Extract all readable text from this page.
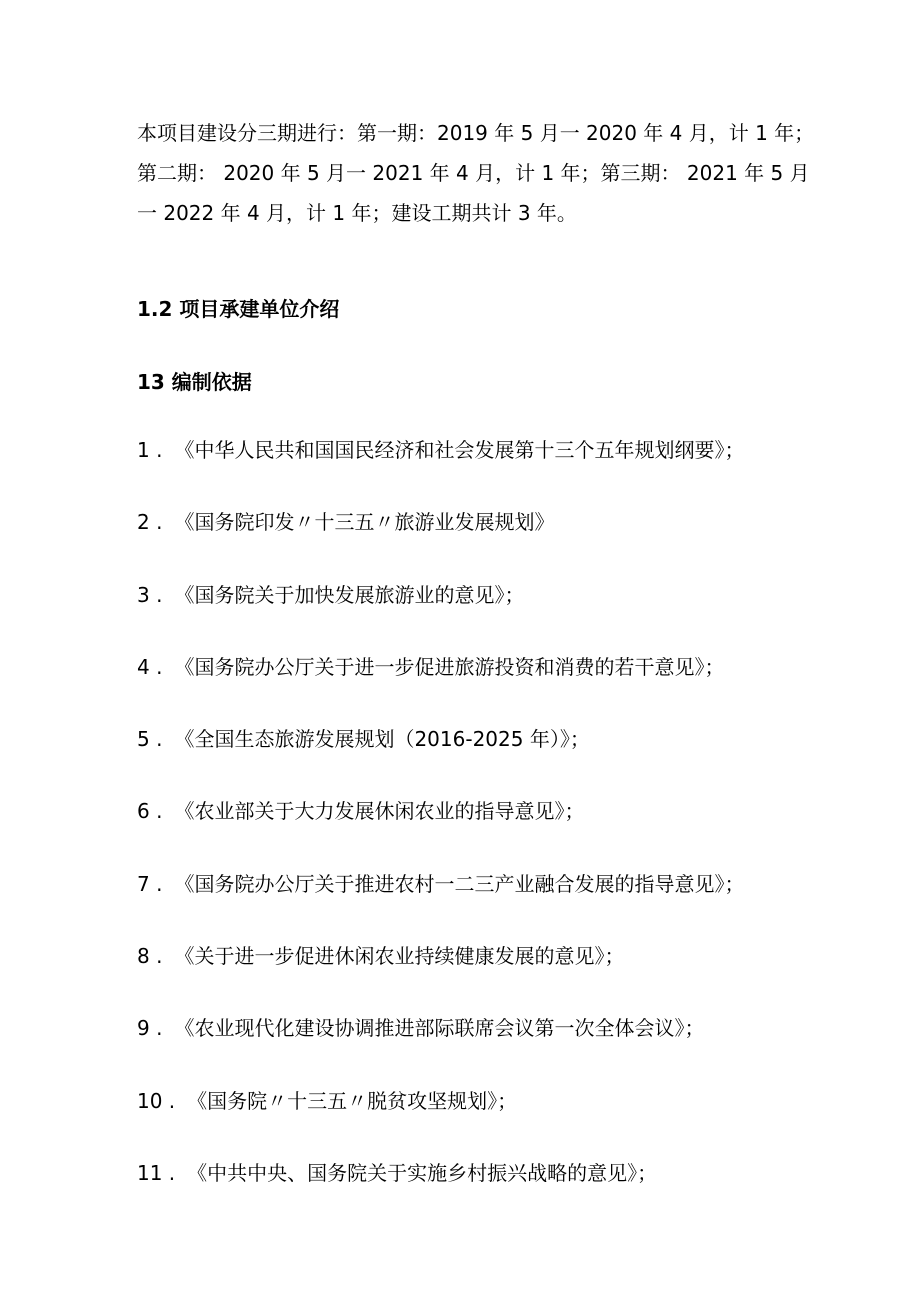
本项目建设分三期进行：第一期：2019 年 5 月一 2020 年 4 月，计 1 年；
第二期： 2020 年 5 月一 2021 年 4 月，计 1 年；第三期： 2021 年 5 月
一 2022 年 4 月，计 1 年；建设工期共计 3 年。

1.2 项目承建单位介绍
13 编制依据
1 . 《中华人民共和国国民经济和社会发展第十三个五年规划纲要》；
2 . 《国务院印发〃十三五〃旅游业发展规划》
3 . 《国务院关于加快发展旅游业的意见》；
4 . 《国务院办公厅关于进一步促进旅游投资和消费的若干意见》；
5 . 《全国生态旅游发展规划（2016-2025 年）》；
6 . 《农业部关于大力发展休闲农业的指导意见》；
7 . 《国务院办公厅关于推进农村一二三产业融合发展的指导意见》；
8 . 《关于进一步促进休闲农业持续健康发展的意见》；
9 . 《农业现代化建设协调推进部际联席会议第一次全体会议》；
10 . 《国务院〃十三五〃脱贫攻坚规划》；
11 . 《中共中央、国务院关于实施乡村振兴战略的意见》；
